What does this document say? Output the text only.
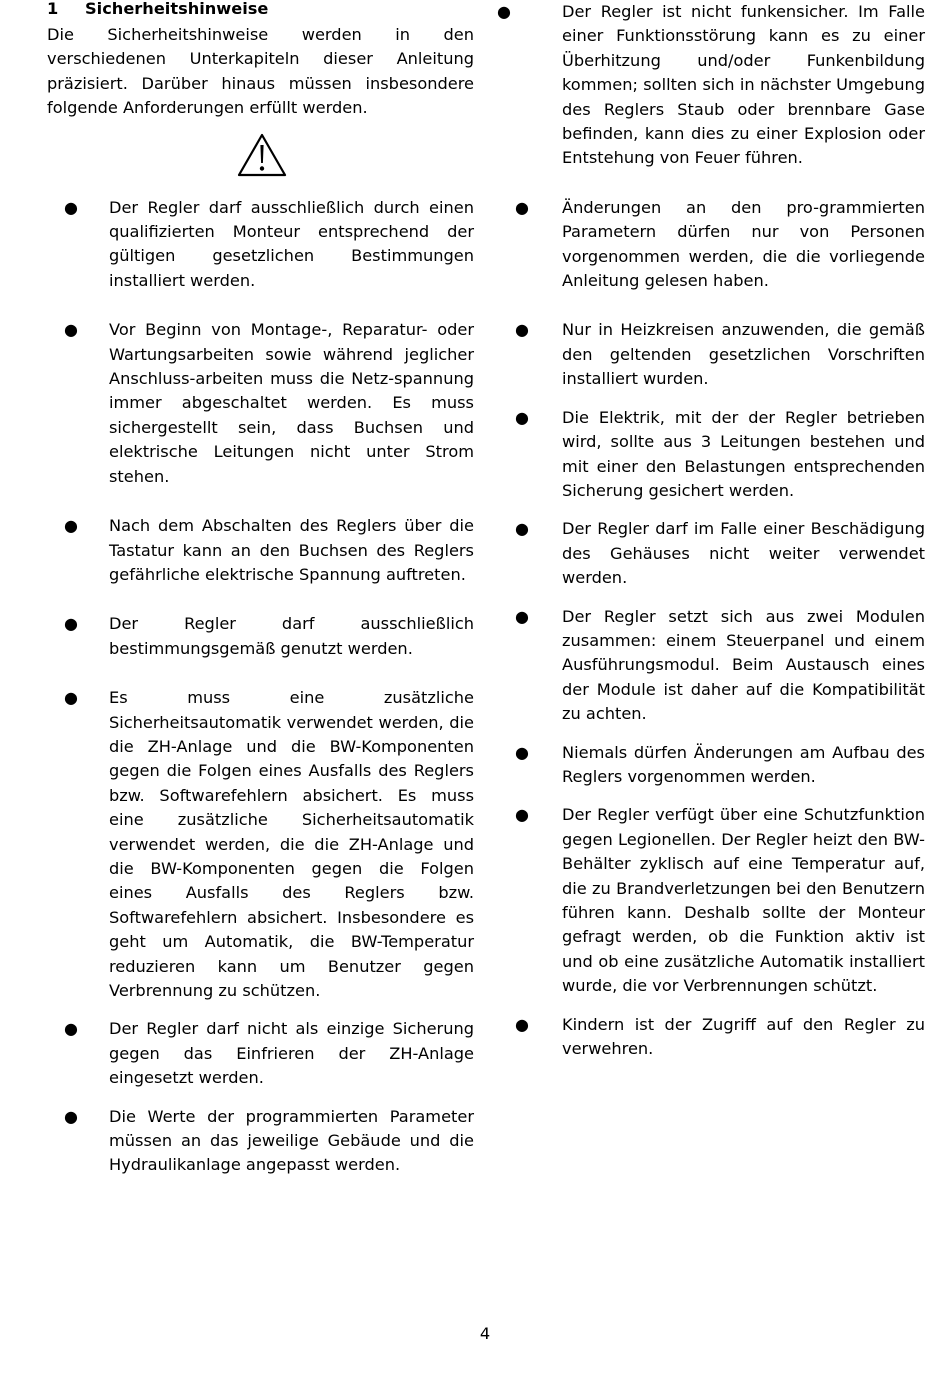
1 Sicherheitshinweise

Die Sicherheitshinweise werden in den verschiedenen Unterkapiteln dieser Anleitung präzisiert. Darüber hinaus müssen insbesondere folgende Anforderungen erfüllt werden.

● Der Regler darf ausschließlich durch einen qualifizierten Monteur entsprechend der gültigen gesetzlichen Bestimmungen installiert werden.
● Vor Beginn von Montage-, Reparatur- oder Wartungsarbeiten sowie während jeglicher Anschluss-arbeiten muss die Netz-spannung immer abgeschaltet werden. Es muss sichergestellt sein, dass Buchsen und elektrische Leitungen nicht unter Strom stehen.
● Nach dem Abschalten des Reglers über die Tastatur kann an den Buchsen des Reglers gefährliche elektrische Spannung auftreten.
● Der Regler darf ausschließlich bestimmungsgemäß genutzt werden.
● Es muss eine zusätzliche Sicherheitsautomatik verwendet werden, die die ZH-Anlage und die BW-Komponenten gegen die Folgen eines Ausfalls des Reglers bzw. Softwarefehlern absichert. Es muss eine zusätzliche Sicherheitsautomatik verwendet werden, die die ZH-Anlage und die BW-Komponenten gegen die Folgen eines Ausfalls des Reglers bzw. Softwarefehlern absichert. Insbesondere es geht um Automatik, die BW-Temperatur reduzieren kann um Benutzer gegen Verbrennung zu schützen.
● Der Regler darf nicht als einzige Sicherung gegen das Einfrieren der ZH-Anlage eingesetzt werden.
● Die Werte der programmierten Parameter müssen an das jeweilige Gebäude und die Hydraulikanlage angepasst werden.
●	Der Regler ist nicht funkensicher. Im Falle einer Funktionsstörung kann es zu einer Überhitzung und/oder Funkenbildung kommen; sollten sich in nächster Umgebung des Reglers Staub oder brennbare Gase befinden, kann dies zu einer Explosion oder Entstehung von Feuer führen.
● Änderungen an den pro-grammierten Parametern dürfen nur von Personen vorgenommen werden, die die vorliegende Anleitung gelesen haben.
● Nur in Heizkreisen anzuwenden, die gemäß den geltenden gesetzlichen Vorschriften installiert wurden.
● Die Elektrik, mit der der Regler betrieben wird, sollte aus 3 Leitungen bestehen und mit einer den Belastungen entsprechenden Sicherung gesichert werden.
● Der Regler darf im Falle einer Beschädigung des Gehäuses nicht weiter verwendet werden.
● Der Regler setzt sich aus zwei Modulen zusammen: einem Steuerpanel und einem Ausführungsmodul. Beim Austausch eines der Module ist daher auf die Kompatibilität zu achten.
● Niemals dürfen Änderungen am Aufbau des Reglers vorgenommen werden.
● Der Regler verfügt über eine Schutzfunktion gegen Legionellen. Der Regler heizt den BW-Behälter zyklisch auf eine Temperatur auf, die zu Brandverletzungen bei den Benutzern führen kann. Deshalb sollte der Monteur gefragt werden, ob die Funktion aktiv ist und ob eine zusätzliche Automatik installiert wurde, die vor Verbrennungen schützt.
● Kindern ist der Zugriff auf den Regler zu verwehren.
4
